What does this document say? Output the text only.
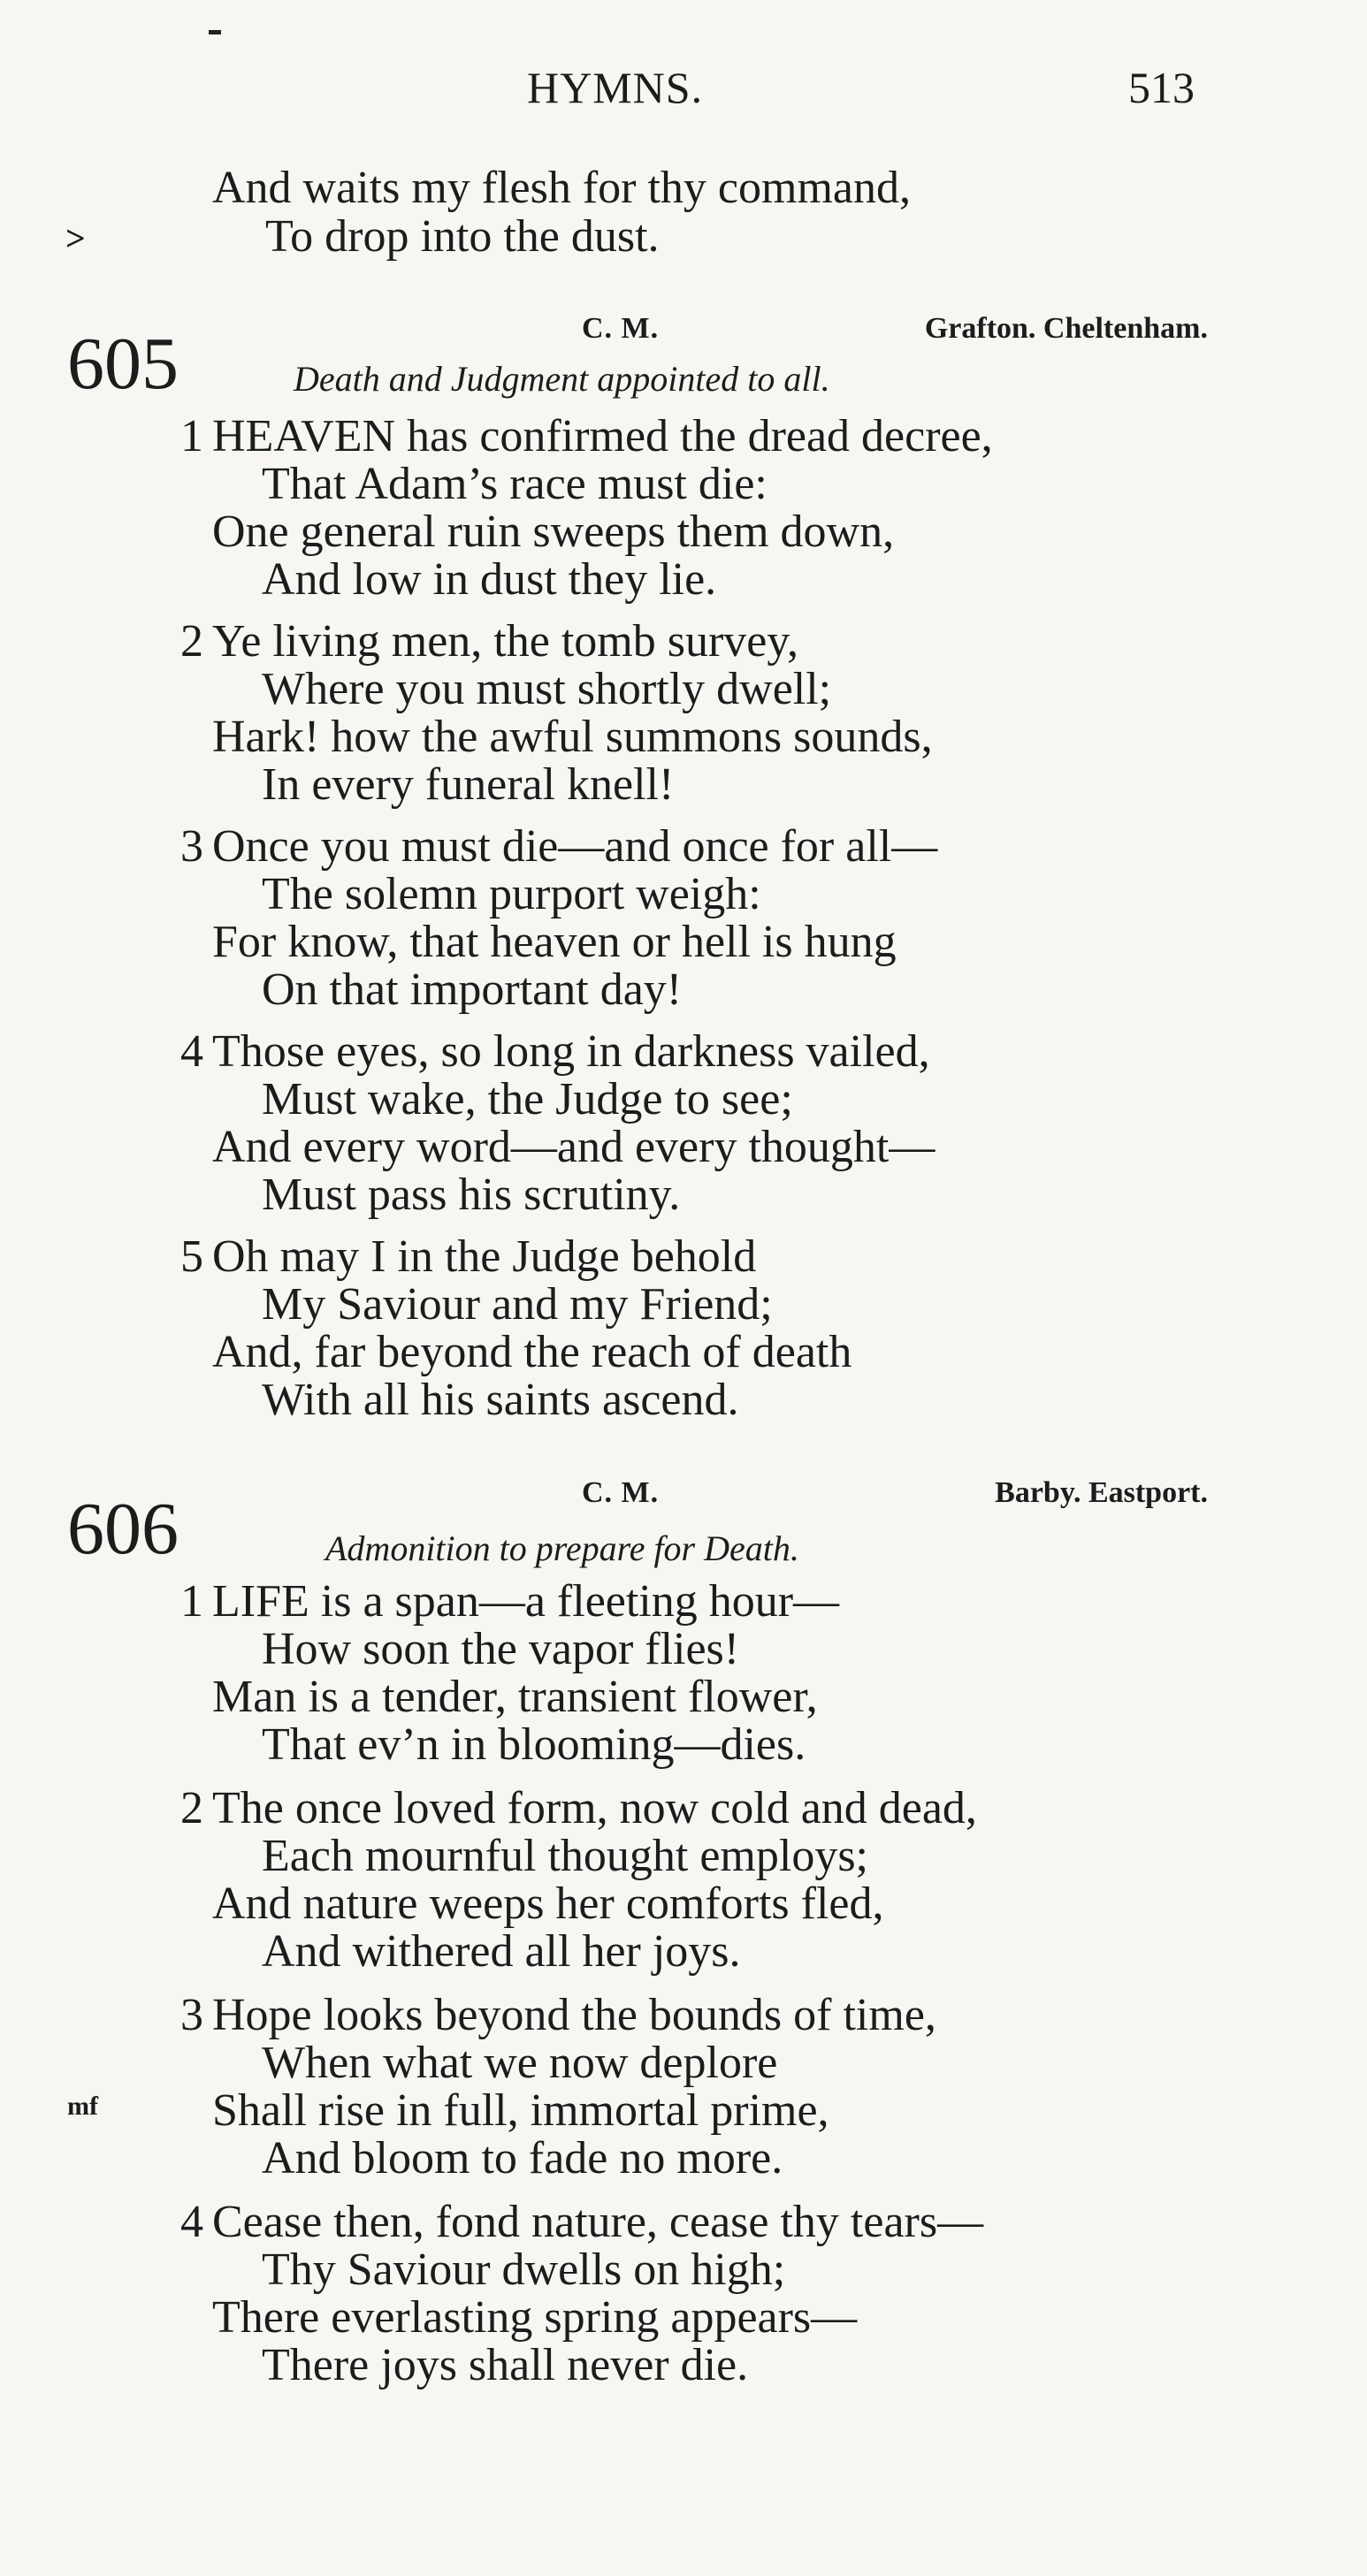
HYMNS.	513
And waits my flesh for thy command,
>	To drop into the dust.
605	C. M.	Grafton. Cheltenham.
Death and Judgment appointed to all.
1 HEAVEN has confirmed the dread decree,
That Adam’s race must die:
One general ruin sweeps them down,
And low in dust they lie.
2 Ye living men, the tomb survey,
Where you must shortly dwell;
Hark! how the awful summons sounds,
In every funeral knell!
3 Once you must die—and once for all—
The solemn purport weigh:
For know, that heaven or hell is hung
On that important day!
4 Those eyes, so long in darkness vailed,
Must wake, the Judge to see;
And every word—and every thought—
Must pass his scrutiny.
5 Oh may I in the Judge behold
My Saviour and my Friend;
And, far beyond the reach of death
With all his saints ascend.
606	C. M.	Barby. Eastport.
Admonition to prepare for Death.
1 LIFE is a span—a fleeting hour—
How soon the vapor flies!
Man is a tender, transient flower,
That ev’n in blooming—dies.
2 The once loved form, now cold and dead,
Each mournful thought employs;
And nature weeps her comforts fled,
And withered all her joys.
3 Hope looks beyond the bounds of time,
When what we now deplore
mf Shall rise in full, immortal prime,
And bloom to fade no more.
4 Cease then, fond nature, cease thy tears—
Thy Saviour dwells on high;
There everlasting spring appears—
There joys shall never die.
